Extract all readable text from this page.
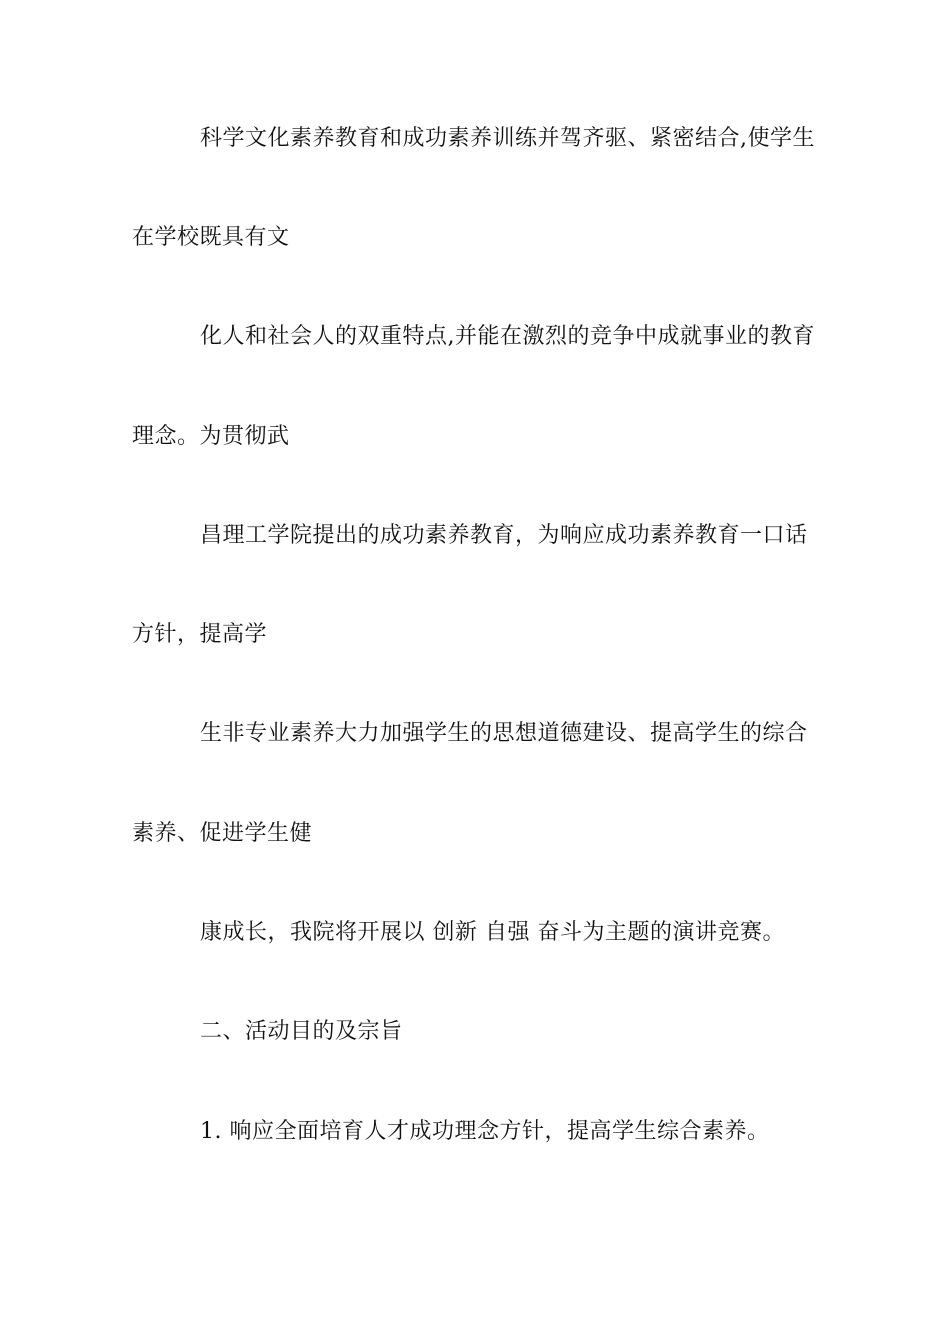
科学文化素养教育和成功素养训练并驾齐驱、紧密结合,使学生
在学校既具有文
化人和社会人的双重特点,并能在激烈的竞争中成就事业的教育
理念。为贯彻武
昌理工学院提出的成功素养教育，为响应成功素养教育一口话
方针，提高学
生非专业素养大力加强学生的思想道德建设、提高学生的综合
素养、促进学生健
康成长，我院将开展以 创新 自强 奋斗为主题的演讲竞赛。
二、活动目的及宗旨
1. 响应全面培育人才成功理念方针，提高学生综合素养。
